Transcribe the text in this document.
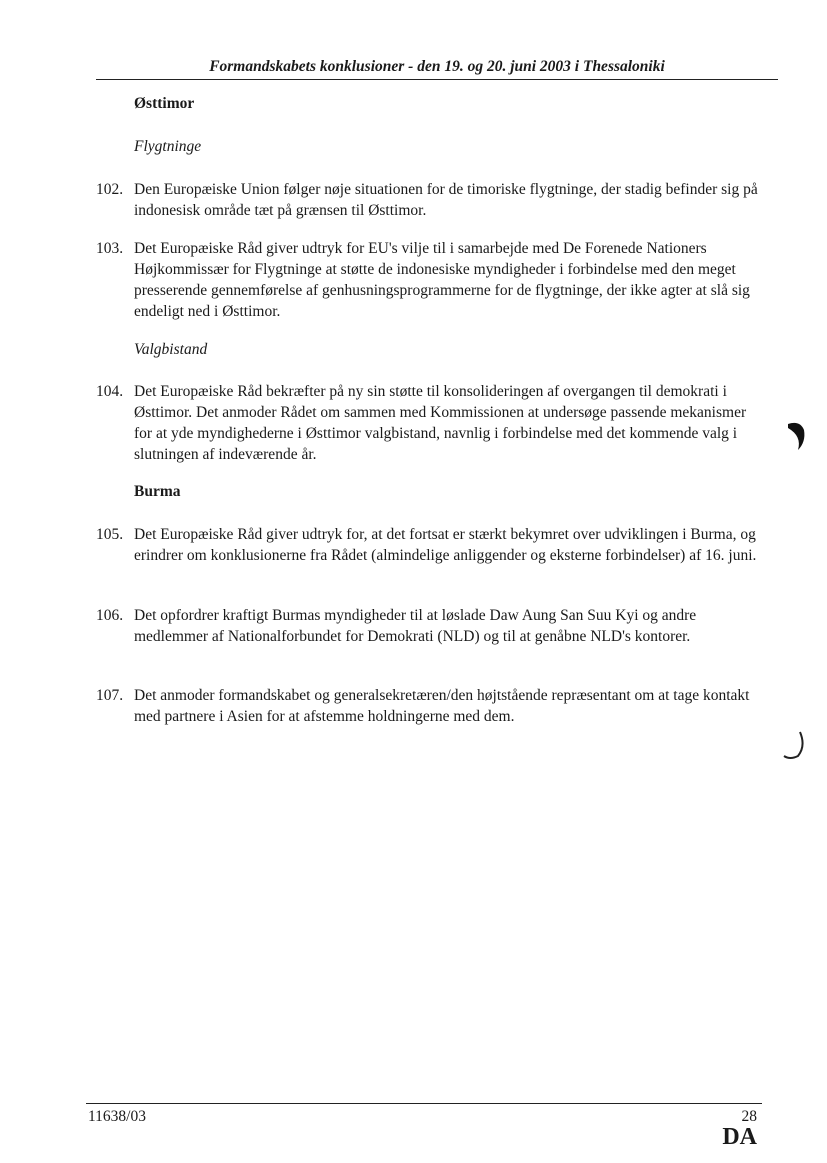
Formandskabets konklusioner - den 19. og 20. juni 2003 i Thessaloniki
Østtimor
Flygtninge
102. Den Europæiske Union følger nøje situationen for de timoriske flygtninge, der stadig befinder sig på indonesisk område tæt på grænsen til Østtimor.
103. Det Europæiske Råd giver udtryk for EU's vilje til i samarbejde med De Forenede Nationers Højkommissær for Flygtninge at støtte de indonesiske myndigheder i forbindelse med den meget presserende gennemførelse af genhusningsprogrammerne for de flygtninge, der ikke agter at slå sig endeligt ned i Østtimor.
Valgbistand
104. Det Europæiske Råd bekræfter på ny sin støtte til konsolideringen af overgangen til demokrati i Østtimor. Det anmoder Rådet om sammen med Kommissionen at undersøge passende mekanismer for at yde myndighederne i Østtimor valgbistand, navnlig i forbindelse med det kommende valg i slutningen af indeværende år.
Burma
105. Det Europæiske Råd giver udtryk for, at det fortsat er stærkt bekymret over udviklingen i Burma, og erindrer om konklusionerne fra Rådet (almindelige anliggender og eksterne forbindelser) af 16. juni.
106. Det opfordrer kraftigt Burmas myndigheder til at løslade Daw Aung San Suu Kyi og andre medlemmer af Nationalforbundet for Demokrati (NLD) og til at genåbne NLD's kontorer.
107. Det anmoder formandskabet og generalsekretæren/den højtstående repræsentant om at tage kontakt med partnere i Asien for at afstemme holdningerne med dem.
11638/03	28
DA
